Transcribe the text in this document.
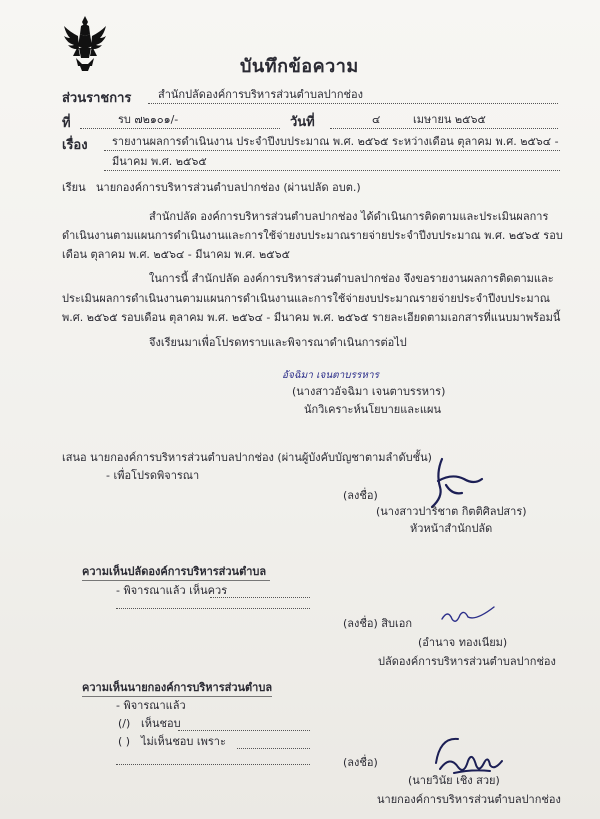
บันทึกข้อความ
ส่วนราชการ สำนักปลัดองค์การบริหารส่วนตำบลปากช่อง
ที่	รบ ๗๒๑๐๑/-	วันที่	๔	เมษายน ๒๕๖๕
เรื่อง รายงานผลการดำเนินงาน ประจำปีงบประมาณ พ.ศ. ๒๕๖๕ ระหว่างเดือน ตุลาคม พ.ศ. ๒๕๖๔ -
มีนาคม พ.ศ. ๒๕๖๕
เรียน นายกองค์การบริหารส่วนตำบลปากช่อง (ผ่านปลัด อบต.)
สำนักปลัด องค์การบริหารส่วนตำบลปากช่อง ได้ดำเนินการติดตามและประเมินผลการ
ดำเนินงานตามแผนการดำเนินงานและการใช้จ่ายงบประมาณรายจ่ายประจำปีงบประมาณ พ.ศ. ๒๕๖๕ รอบ
เดือน ตุลาคม พ.ศ. ๒๕๖๔ - มีนาคม พ.ศ. ๒๕๖๕
ในการนี้ สำนักปลัด องค์การบริหารส่วนตำบลปากช่อง จึงขอรายงานผลการติดตามและ
ประเมินผลการดำเนินงานตามแผนการดำเนินงานและการใช้จ่ายงบประมาณรายจ่ายประจำปีงบประมาณ
พ.ศ. ๒๕๖๕ รอบเดือน ตุลาคม พ.ศ. ๒๕๖๔ - มีนาคม พ.ศ. ๒๕๖๕ รายละเอียดตามเอกสารที่แนบมาพร้อมนี้
จึงเรียนมาเพื่อโปรดทราบและพิจารณาดำเนินการต่อไป
อัจฉิมา เจนตาบรรหาร
(นางสาวอัจฉิมา เจนตาบรรหาร)
นักวิเคราะห์นโยบายและแผน
เสนอ นายกองค์การบริหารส่วนตำบลปากช่อง (ผ่านผู้บังคับบัญชาตามลำดับชั้น)
- เพื่อโปรดพิจารณา
(ลงชื่อ)
(นางสาวปาริชาต กิตติศิลปสาร)
หัวหน้าสำนักปลัด
ความเห็นปลัดองค์การบริหารส่วนตำบล
- พิจารณาแล้ว เห็นควร
(ลงชื่อ) สิบเอก
(อำนาจ ทองเนียม)
ปลัดองค์การบริหารส่วนตำบลปากช่อง
ความเห็นนายกองค์การบริหารส่วนตำบล
- พิจารณาแล้ว
(/) เห็นชอบ
( ) ไม่เห็นชอบ เพราะ
(ลงชื่อ)
(นายวินัย เชิง สวย)
นายกองค์การบริหารส่วนตำบลปากช่อง
